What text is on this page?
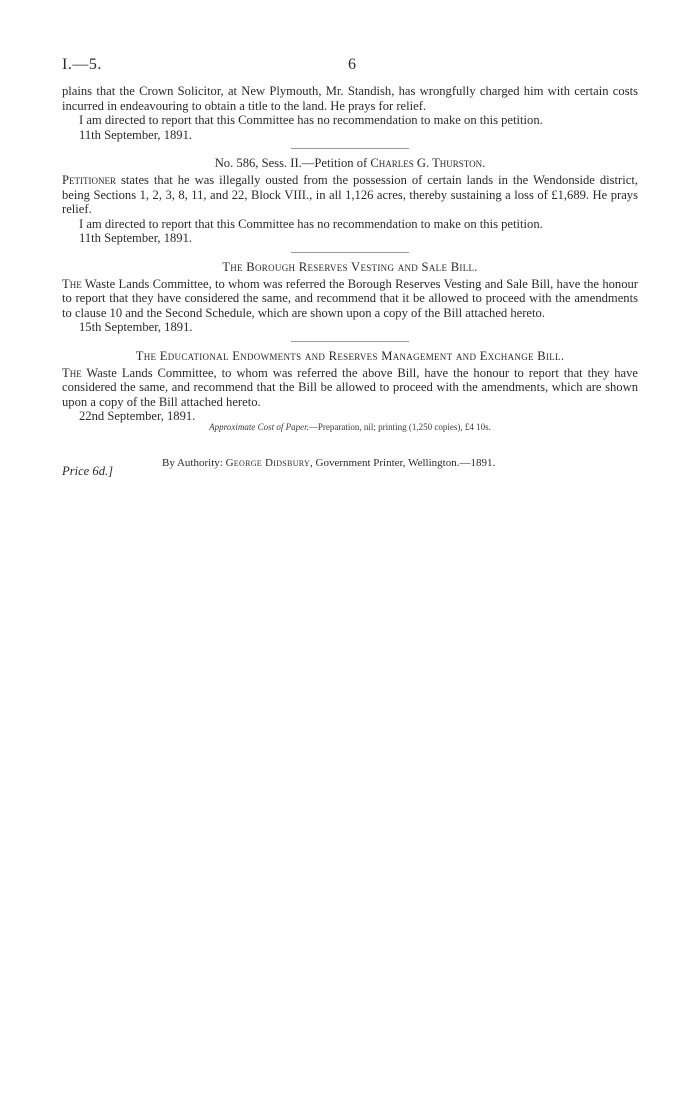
I.—5.	6

plains that the Crown Solicitor, at New Plymouth, Mr. Standish, has wrongfully charged him with certain costs incurred in endeavouring to obtain a title to the land. He prays for relief.

I am directed to report that this Committee has no recommendation to make on this petition.

11th September, 1891.

No. 586, Sess. II.—Petition of Charles G. Thurston.

Petitioner states that he was illegally ousted from the possession of certain lands in the Wendonside district, being Sections 1, 2, 3, 8, 11, and 22, Block VIII., in all 1,126 acres, thereby sustaining a loss of £1,689. He prays relief.

I am directed to report that this Committee has no recommendation to make on this petition.

11th September, 1891.

The Borough Reserves Vesting and Sale Bill.

The Waste Lands Committee, to whom was referred the Borough Reserves Vesting and Sale Bill, have the honour to report that they have considered the same, and recommend that it be allowed to proceed with the amendments to clause 10 and the Second Schedule, which are shown upon a copy of the Bill attached hereto.

15th September, 1891.

The Educational Endowments and Reserves Management and Exchange Bill.

The Waste Lands Committee, to whom was referred the above Bill, have the honour to report that they have considered the same, and recommend that the Bill be allowed to proceed with the amendments, which are shown upon a copy of the Bill attached hereto.

22nd September, 1891.

Approximate Cost of Paper.—Preparation, nil; printing (1,250 copies), £4 10s.
Price 6d.]
By Authority: George Didsbury, Government Printer, Wellington.—1891.
